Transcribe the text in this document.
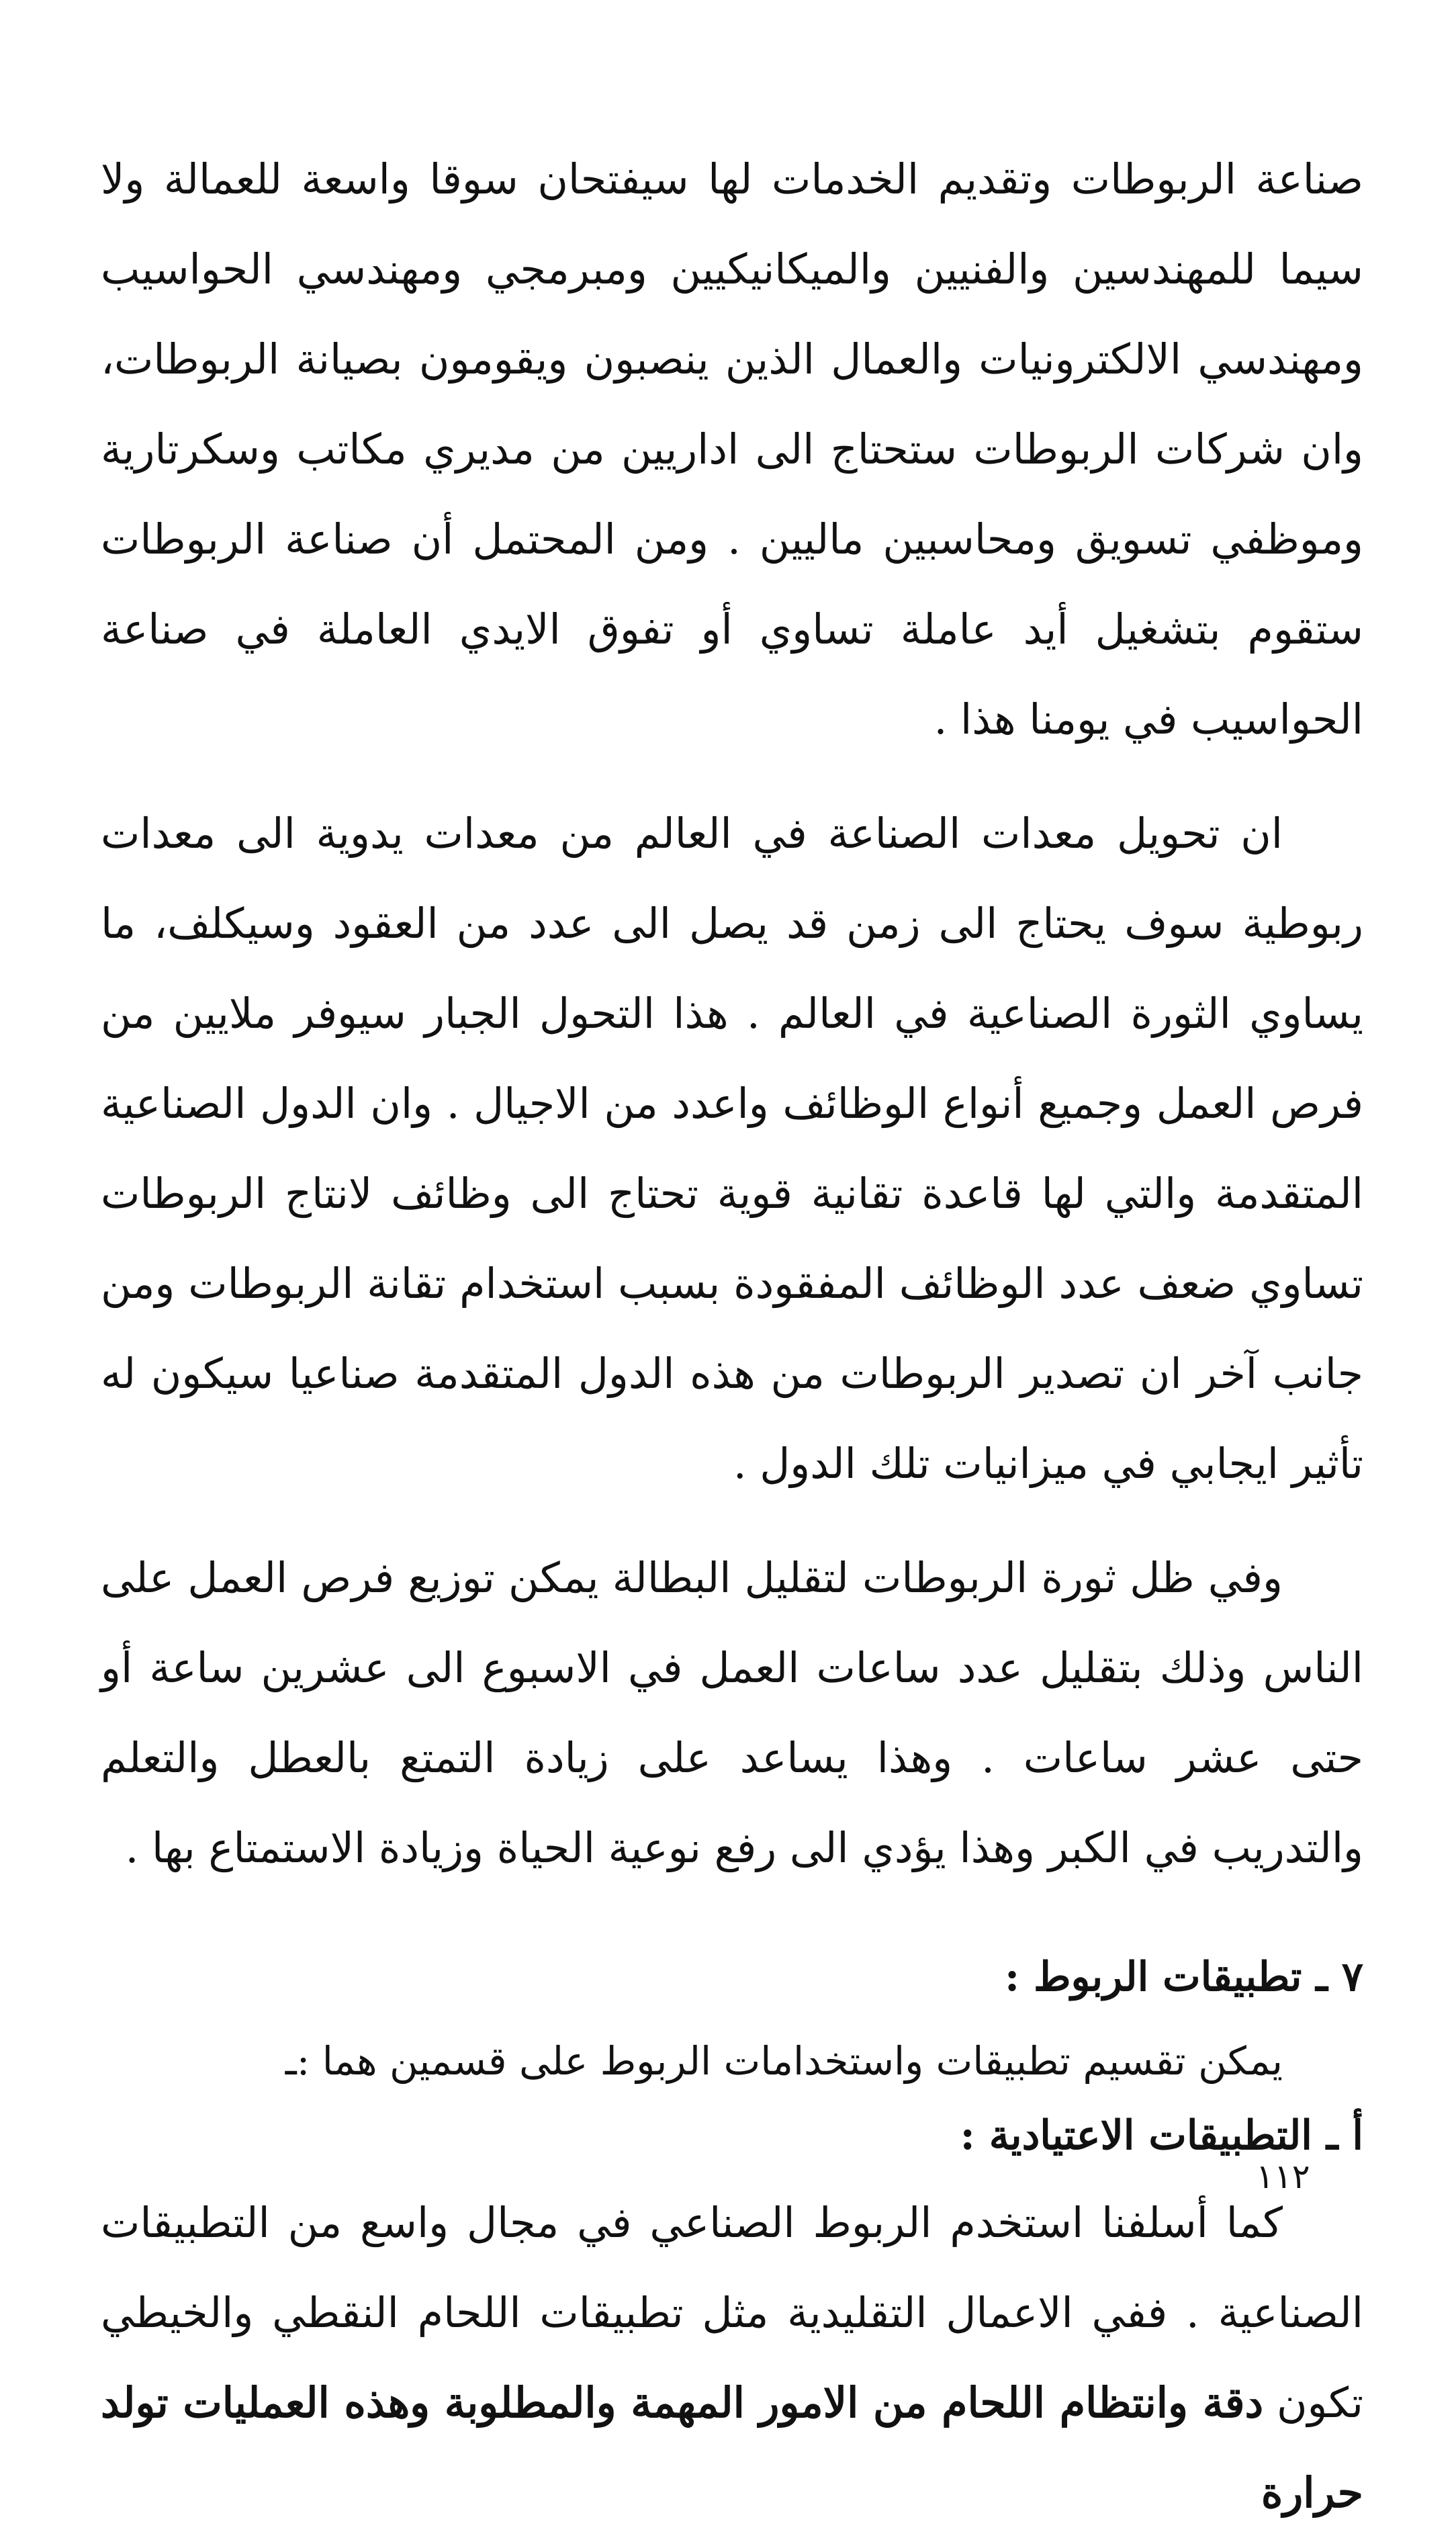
صناعة الربوطات وتقديم الخدمات لها سيفتحان سوقا واسعة للعمالة ولا سيما للمهندسين والفنيين والميكانيكيين ومبرمجي ومهندسي الحواسيب ومهندسي الالكترونيات والعمال الذين ينصبون ويقومون بصيانة الربوطات، وان شركات الربوطات ستحتاج الى اداريين من مديري مكاتب وسكرتارية وموظفي تسويق ومحاسبين ماليين . ومن المحتمل أن صناعة الربوطات ستقوم بتشغيل أيد عاملة تساوي أو تفوق الايدي العاملة في صناعة الحواسيب في يومنا هذا .

ان تحويل معدات الصناعة في العالم من معدات يدوية الى معدات ربوطية سوف يحتاج الى زمن قد يصل الى عدد من العقود وسيكلف، ما يساوي الثورة الصناعية في العالم . هذا التحول الجبار سيوفر ملايين من فرص العمل وجميع أنواع الوظائف واعدد من الاجيال . وان الدول الصناعية المتقدمة والتي لها قاعدة تقانية قوية تحتاج الى وظائف لانتاج الربوطات تساوي ضعف عدد الوظائف المفقودة بسبب استخدام تقانة الربوطات ومن جانب آخر ان تصدير الربوطات من هذه الدول المتقدمة صناعيا سيكون له تأثير ايجابي في ميزانيات تلك الدول .

وفي ظل ثورة الربوطات لتقليل البطالة يمكن توزيع فرص العمل على الناس وذلك بتقليل عدد ساعات العمل في الاسبوع الى عشرين ساعة أو حتى عشر ساعات . وهذا يساعد على زيادة التمتع بالعطل والتعلم والتدريب في الكبر وهذا يؤدي الى رفع نوعية الحياة وزيادة الاستمتاع بها .

٧ ـ تطبيقات الربوط :

يمكن تقسيم تطبيقات واستخدامات الربوط على قسمين هما :ـ

أ ـ التطبيقات الاعتيادية :

كما أسلفنا استخدم الربوط الصناعي في مجال واسع من التطبيقات الصناعية . ففي الاعمال التقليدية مثل تطبيقات اللحام النقطي والخيطي تكون دقة وانتظام اللحام من الامور المهمة والمطلوبة وهذه العمليات تولد حرارة

١١٢
